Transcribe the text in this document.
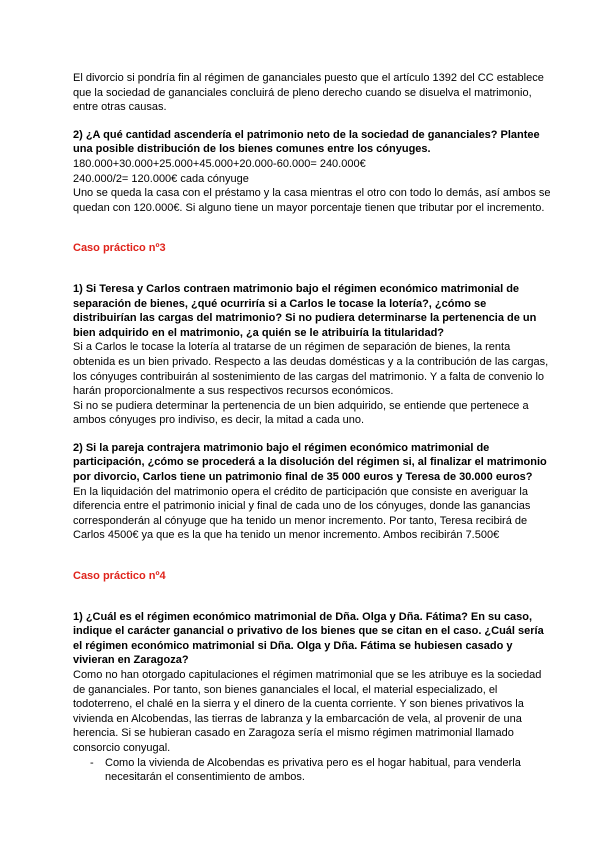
El divorcio si pondría fin al régimen de gananciales puesto que el artículo 1392 del CC establece que la sociedad de gananciales concluirá de pleno derecho cuando se disuelva el matrimonio, entre otras causas.

2) ¿A qué cantidad ascendería el patrimonio neto de la sociedad de gananciales? Plantee una posible distribución de los bienes comunes entre los cónyuges.

180.000+30.000+25.000+45.000+20.000-60.000= 240.000€

240.000/2= 120.000€ cada cónyuge

Uno se queda la casa con el préstamo y la casa mientras el otro con todo lo demás, así ambos se quedan con 120.000€. Si alguno tiene un mayor porcentaje tienen que tributar por el incremento.

Caso práctico nº3

1) Si Teresa y Carlos contraen matrimonio bajo el régimen económico matrimonial de separación de bienes, ¿qué ocurriría si a Carlos le tocase la lotería?, ¿cómo se distribuirían las cargas del matrimonio? Si no pudiera determinarse la pertenencia de un bien adquirido en el matrimonio, ¿a quién se le atribuiría la titularidad?

Si a Carlos le tocase la lotería al tratarse de un régimen de separación de bienes, la renta obtenida es un bien privado. Respecto a las deudas domésticas y a la contribución de las cargas, los cónyuges contribuirán al sostenimiento de las cargas del matrimonio. Y a falta de convenio lo harán proporcionalmente a sus respectivos recursos económicos.

Si no se pudiera determinar la pertenencia de un bien adquirido, se entiende que pertenece a ambos cónyuges pro indiviso, es decir, la mitad a cada uno.

2) Si la pareja contrajera matrimonio bajo el régimen económico matrimonial de participación, ¿cómo se procederá a la disolución del régimen si, al finalizar el matrimonio por divorcio, Carlos tiene un patrimonio final de 35 000 euros y Teresa de 30.000 euros?

En la liquidación del matrimonio opera el crédito de participación que consiste en averiguar la diferencia entre el patrimonio inicial y final de cada uno de los cónyuges, donde las ganancias corresponderán al cónyuge que ha tenido un menor incremento. Por tanto, Teresa recibirá de Carlos 4500€ ya que es la que ha tenido un menor incremento. Ambos recibirán 7.500€

Caso práctico nº4

1) ¿Cuál es el régimen económico matrimonial de Dña. Olga y Dña. Fátima? En su caso, indique el carácter ganancial o privativo de los bienes que se citan en el caso. ¿Cuál sería el régimen económico matrimonial si Dña. Olga y Dña. Fátima se hubiesen casado y vivieran en Zaragoza?

Como no han otorgado capitulaciones el régimen matrimonial que se les atribuye es la sociedad de gananciales. Por tanto, son bienes gananciales el local, el material especializado, el todoterreno, el chalé en la sierra y el dinero de la cuenta corriente. Y son bienes privativos la vivienda en Alcobendas, las tierras de labranza y la embarcación de vela, al provenir de una herencia. Si se hubieran casado en Zaragoza sería el mismo régimen matrimonial llamado consorcio conyugal.

- Como la vivienda de Alcobendas es privativa pero es el hogar habitual, para venderla necesitarán el consentimiento de ambos.
